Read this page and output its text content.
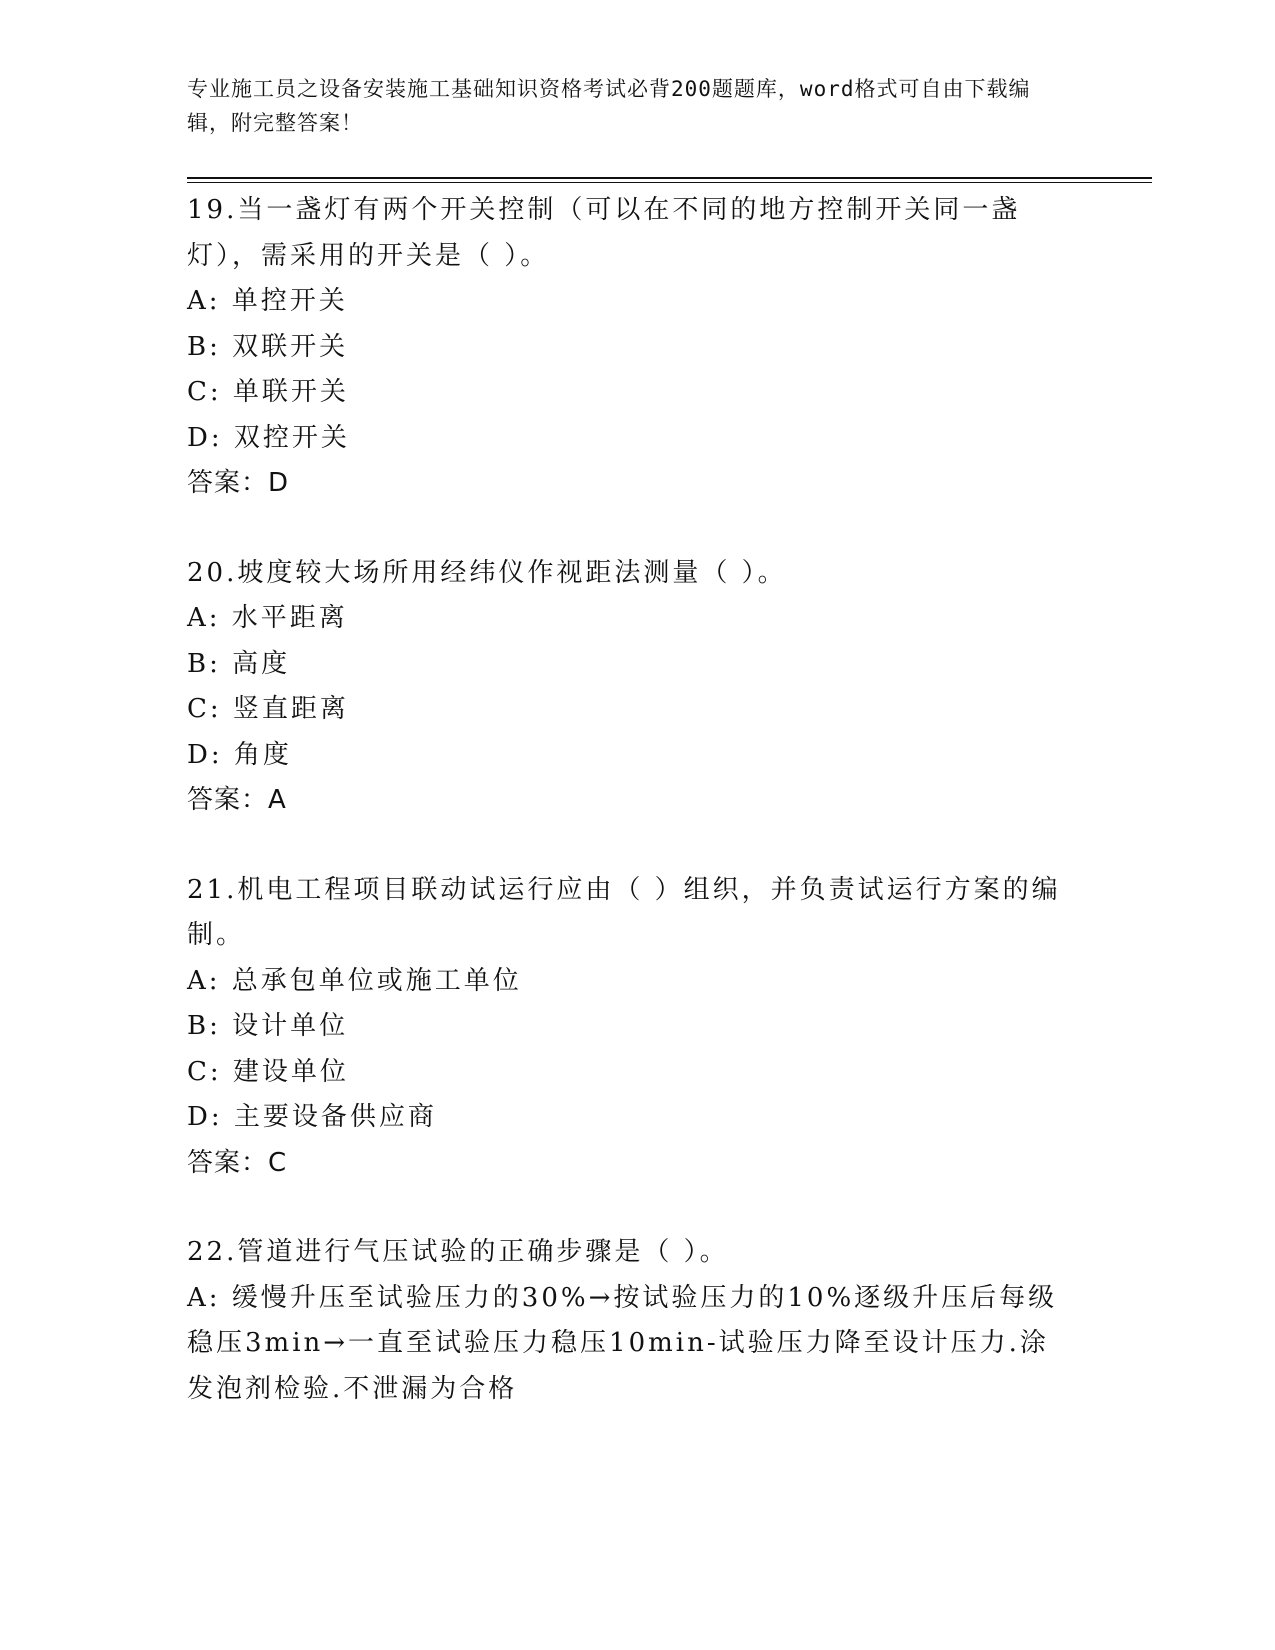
专业施工员之设备安装施工基础知识资格考试必背200题题库，word格式可自由下载编辑，附完整答案！
19.当一盏灯有两个开关控制（可以在不同的地方控制开关同一盏灯），需采用的开关是（ ）。
A: 单控开关
B: 双联开关
C: 单联开关
D: 双控开关
答案：D
20.坡度较大场所用经纬仪作视距法测量（ ）。
A: 水平距离
B: 高度
C: 竖直距离
D: 角度
答案：A
21.机电工程项目联动试运行应由（ ）组织，并负责试运行方案的编制。
A: 总承包单位或施工单位
B: 设计单位
C: 建设单位
D: 主要设备供应商
答案：C
22.管道进行气压试验的正确步骤是（ ）。
A: 缓慢升压至试验压力的30%→按试验压力的10%逐级升压后每级稳压3min→一直至试验压力稳压10min-试验压力降至设计压力.涂发泡剂检验.不泄漏为合格
